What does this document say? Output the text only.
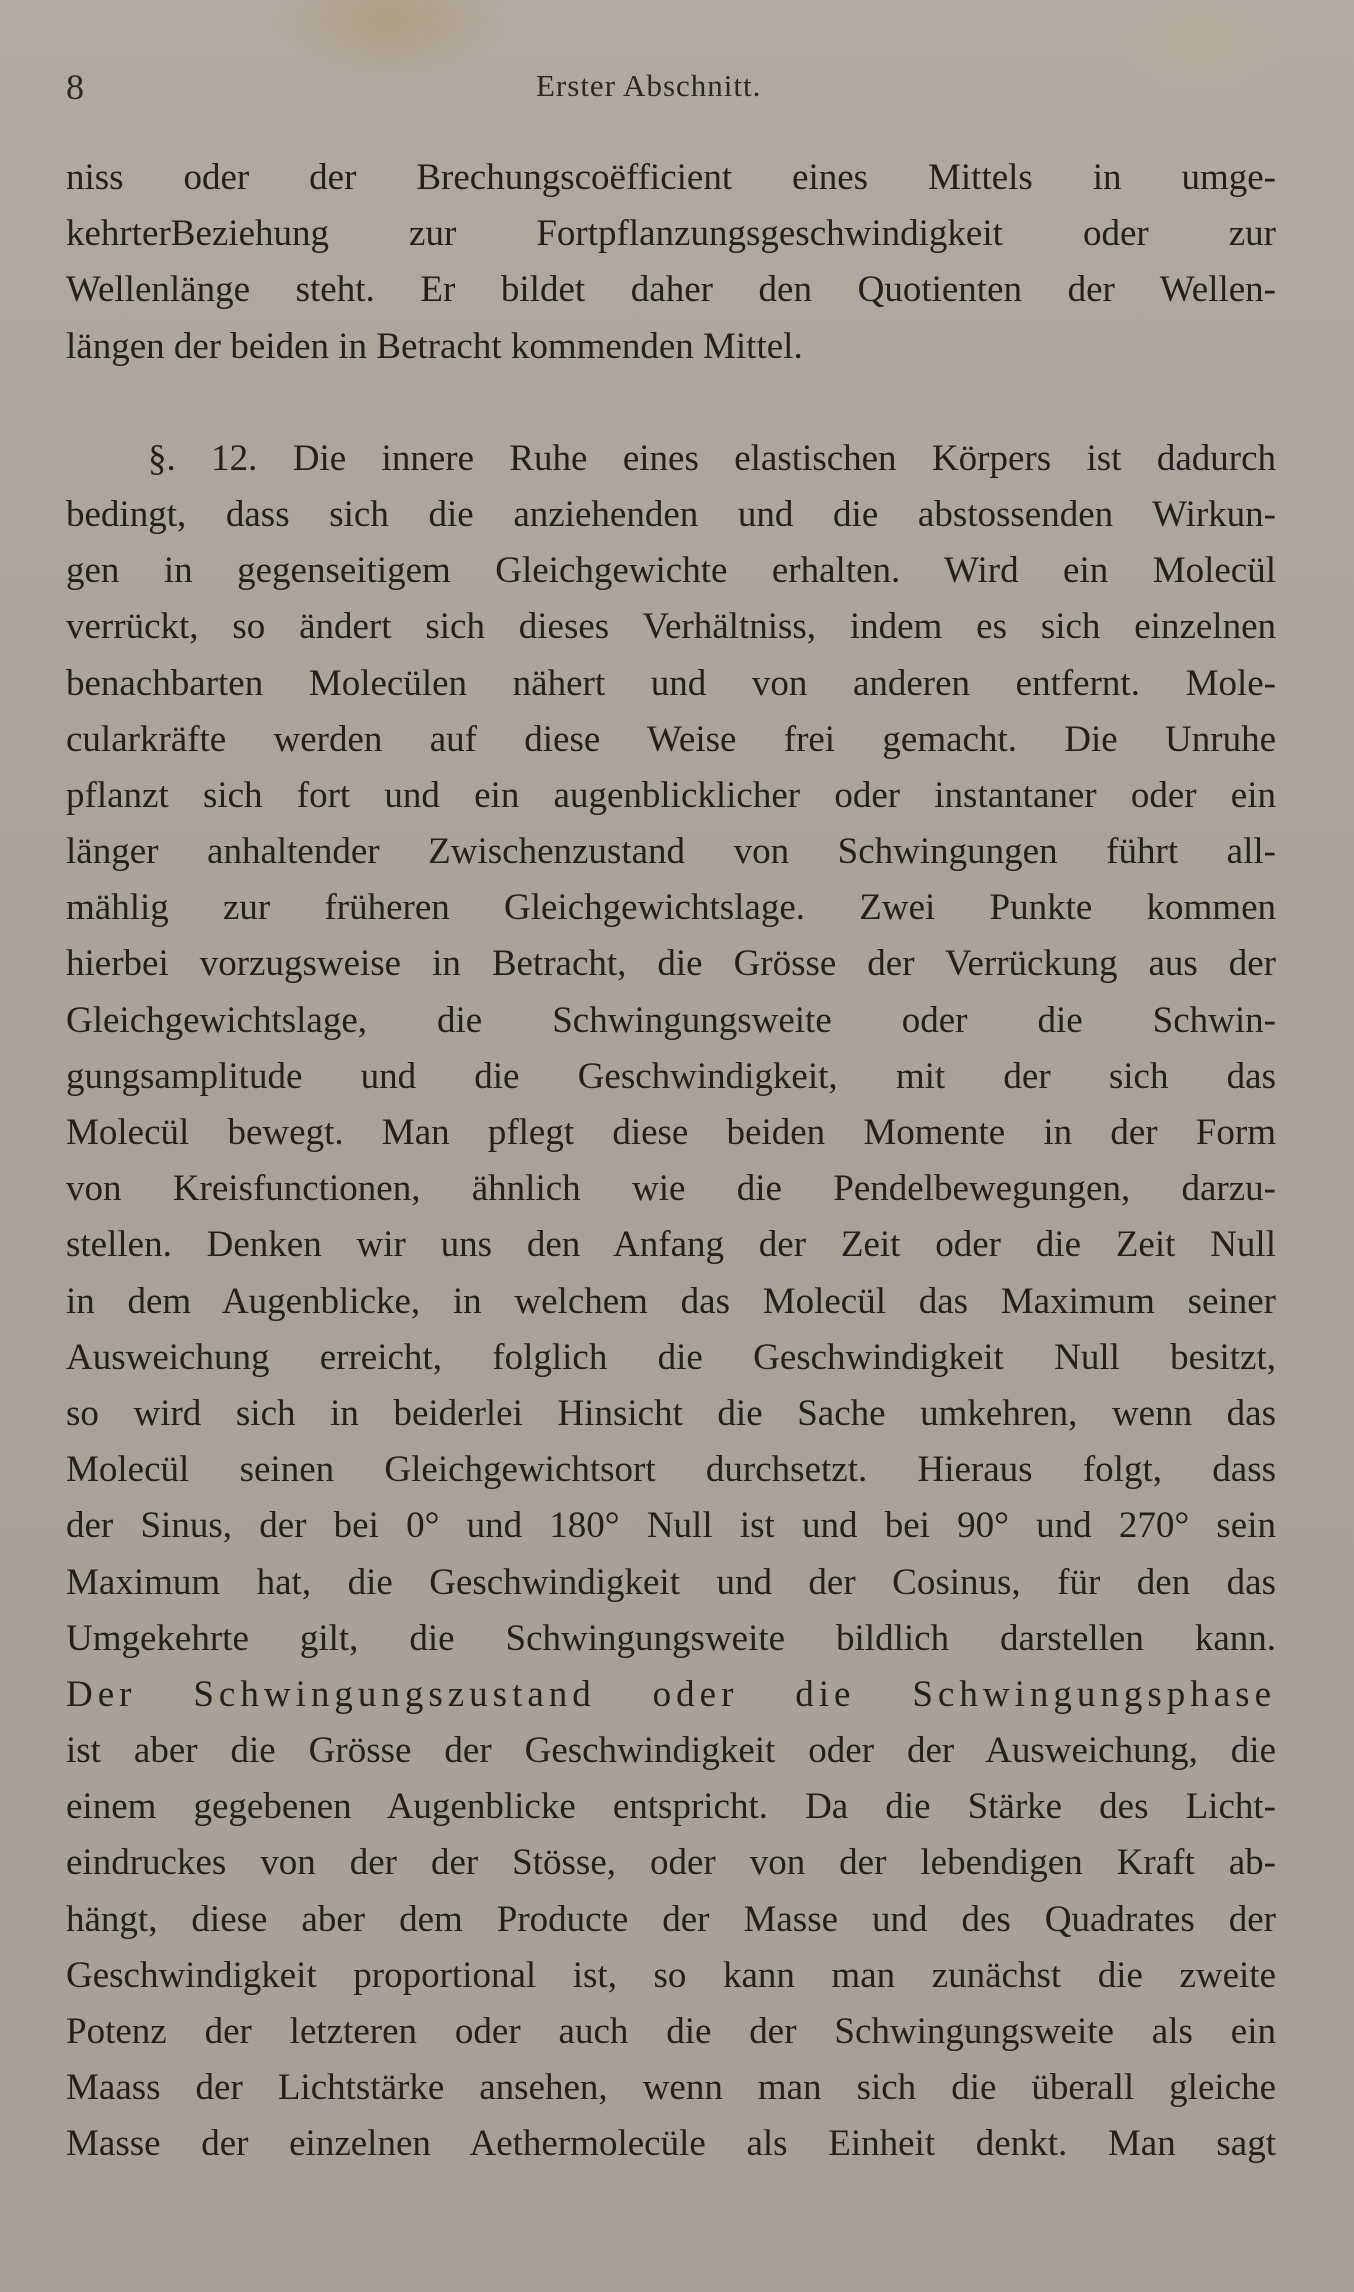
8	Erster Abschnitt.
niss oder der Brechungscoëfficient eines Mittels in umge-
kehrterBeziehung zur Fortpflanzungsgeschwindigkeit oder zur
Wellenlänge steht. Er bildet daher den Quotienten der Wellen-
längen der beiden in Betracht kommenden Mittel.
§. 12. Die innere Ruhe eines elastischen Körpers ist dadurch
bedingt, dass sich die anziehenden und die abstossenden Wirkun-
gen in gegenseitigem Gleichgewichte erhalten. Wird ein Molecül
verrückt, so ändert sich dieses Verhältniss, indem es sich einzelnen
benachbarten Molecülen nähert und von anderen entfernt. Mole-
cularkräfte werden auf diese Weise frei gemacht. Die Unruhe
pflanzt sich fort und ein augenblicklicher oder instantaner oder ein
länger anhaltender Zwischenzustand von Schwingungen führt all-
mählig zur früheren Gleichgewichtslage. Zwei Punkte kommen
hierbei vorzugsweise in Betracht, die Grösse der Verrückung aus der
Gleichgewichtslage, die Schwingungsweite oder die Schwin-
gungsamplitude und die Geschwindigkeit, mit der sich das
Molecül bewegt. Man pflegt diese beiden Momente in der Form
von Kreisfunctionen, ähnlich wie die Pendelbewegungen, darzu-
stellen. Denken wir uns den Anfang der Zeit oder die Zeit Null
in dem Augenblicke, in welchem das Molecül das Maximum seiner
Ausweichung erreicht, folglich die Geschwindigkeit Null besitzt,
so wird sich in beiderlei Hinsicht die Sache umkehren, wenn das
Molecül seinen Gleichgewichtsort durchsetzt. Hieraus folgt, dass
der Sinus, der bei 0° und 180° Null ist und bei 90° und 270° sein
Maximum hat, die Geschwindigkeit und der Cosinus, für den das
Umgekehrte gilt, die Schwingungsweite bildlich darstellen kann.
Der Schwingungszustand oder die Schwingungsphase
ist aber die Grösse der Geschwindigkeit oder der Ausweichung, die
einem gegebenen Augenblicke entspricht. Da die Stärke des Licht-
eindruckes von der der Stösse, oder von der lebendigen Kraft ab-
hängt, diese aber dem Producte der Masse und des Quadrates der
Geschwindigkeit proportional ist, so kann man zunächst die zweite
Potenz der letzteren oder auch die der Schwingungsweite als ein
Maass der Lichtstärke ansehen, wenn man sich die überall gleiche
Masse der einzelnen Aethermolecüle als Einheit denkt. Man sagt
